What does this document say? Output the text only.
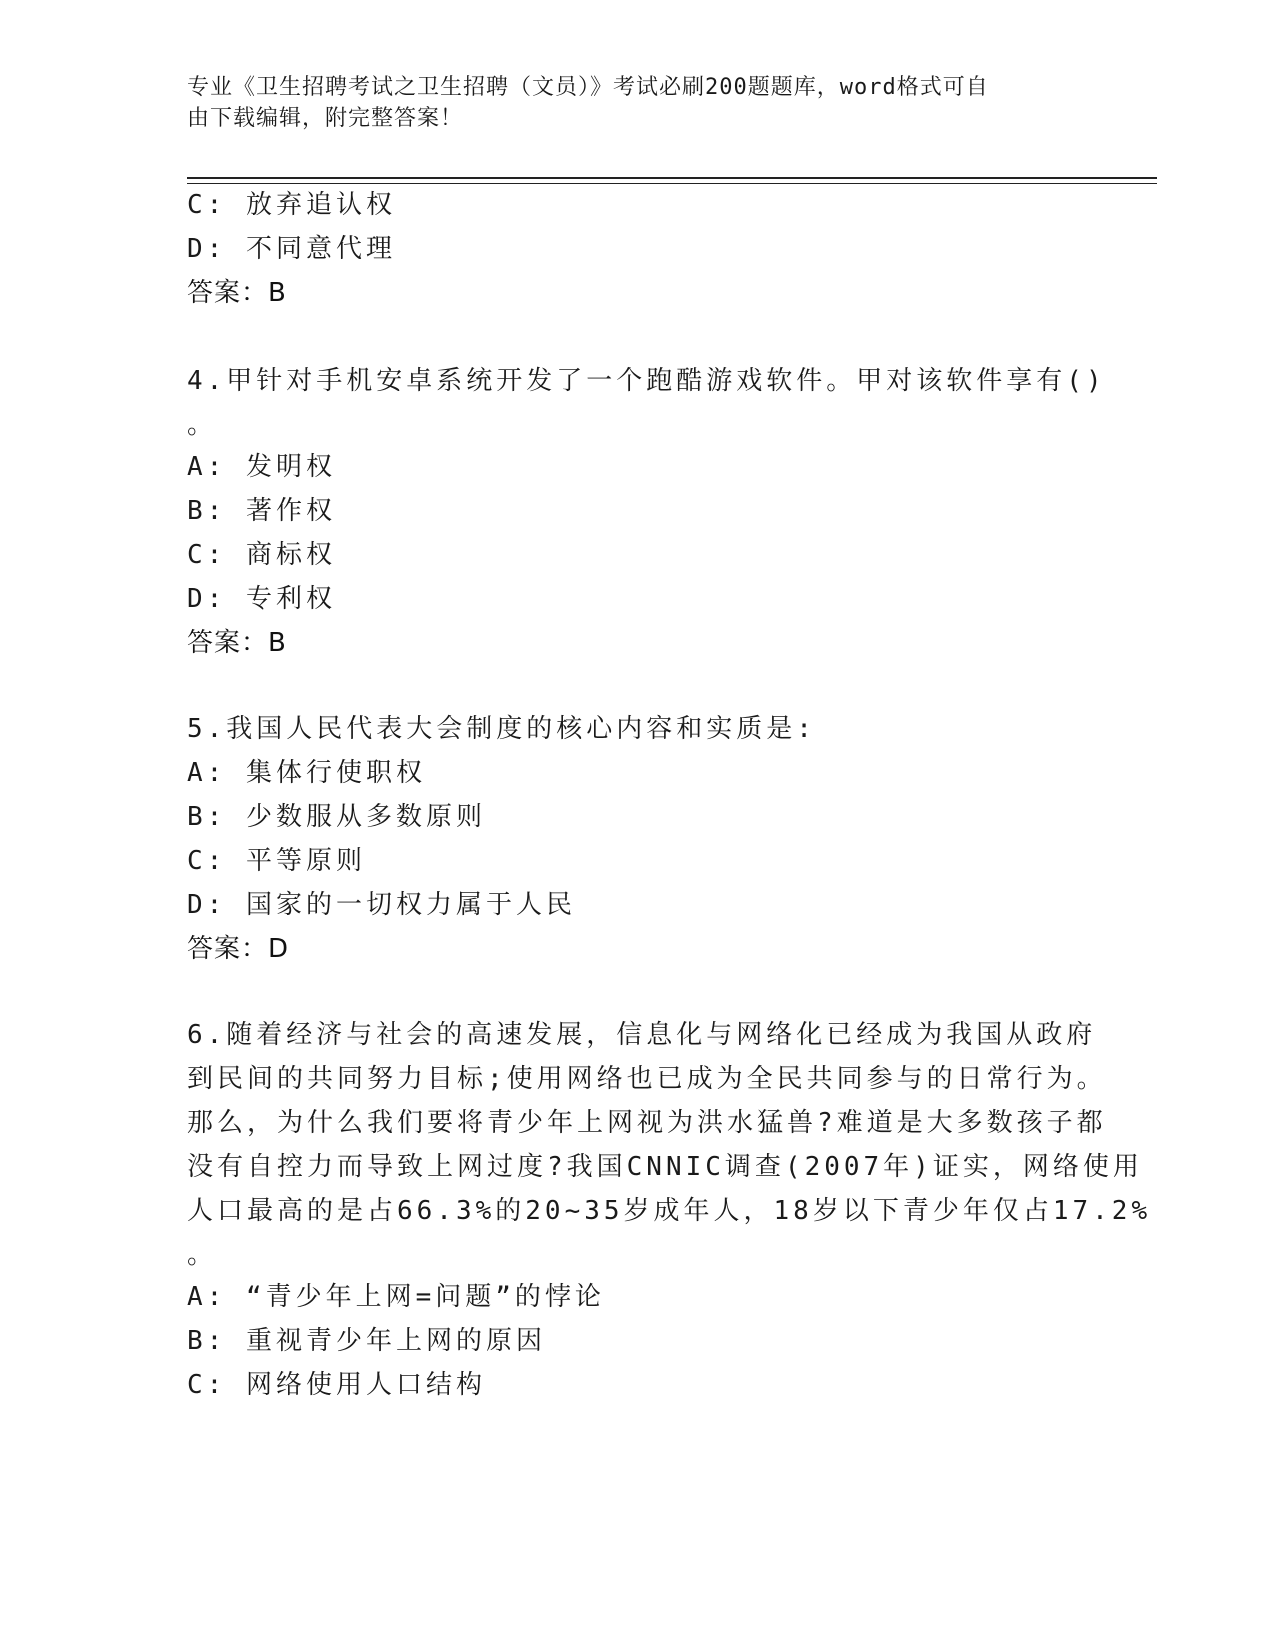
专业《卫生招聘考试之卫生招聘（文员）》考试必刷200题题库，word格式可自
由下载编辑，附完整答案！
C: 放弃追认权
D: 不同意代理
答案：B
4.甲针对手机安卓系统开发了一个跑酷游戏软件。甲对该软件享有()
。
A: 发明权
B: 著作权
C: 商标权
D: 专利权
答案：B
5.我国人民代表大会制度的核心内容和实质是:
A: 集体行使职权
B: 少数服从多数原则
C: 平等原则
D: 国家的一切权力属于人民
答案：D
6.随着经济与社会的高速发展，信息化与网络化已经成为我国从政府
到民间的共同努力目标;使用网络也已成为全民共同参与的日常行为。
那么，为什么我们要将青少年上网视为洪水猛兽?难道是大多数孩子都
没有自控力而导致上网过度?我国CNNIC调查(2007年)证实，网络使用
人口最高的是占66.3%的20~35岁成年人，18岁以下青少年仅占17.2%
。
A: “青少年上网=问题”的悖论
B: 重视青少年上网的原因
C: 网络使用人口结构
